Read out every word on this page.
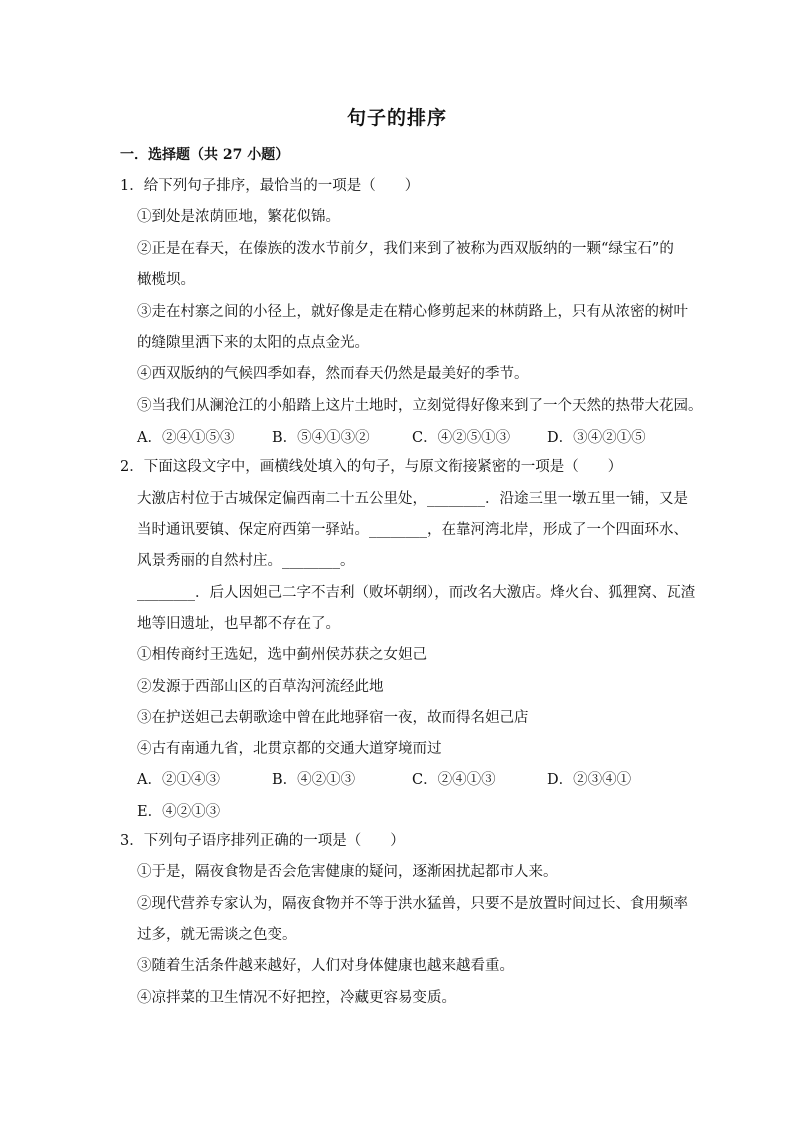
句子的排序
一．选择题（共 27 小题）
1．给下列句子排序，最恰当的一项是（　　）
①到处是浓荫匝地，繁花似锦。
②正是在春天，在傣族的泼水节前夕，我们来到了被称为西双版纳的一颗“绿宝石”的
橄榄坝。
③走在村寨之间的小径上，就好像是走在精心修剪起来的林荫路上，只有从浓密的树叶
的缝隙里洒下来的太阳的点点金光。
④西双版纳的气候四季如春，然而春天仍然是最美好的季节。
⑤当我们从澜沧江的小船踏上这片土地时，立刻觉得好像来到了一个天然的热带大花园。
A．②④①⑤③	B．⑤④①③②	C．④②⑤①③	D．③④②①⑤
2．下面这段文字中，画横线处填入的句子，与原文衔接紧密的一项是（　　）
大激店村位于古城保定偏西南二十五公里处，________．沿途三里一墩五里一铺，又是
当时通讯要镇、保定府西第一驿站。________，在靠河湾北岸，形成了一个四面环水、
风景秀丽的自然村庄。________。
________．后人因妲己二字不吉利（败坏朝纲），而改名大激店。烽火台、狐狸窝、瓦渣
地等旧遗址，也早都不存在了。
①相传商纣王选妃，选中蓟州侯苏获之女妲己
②发源于西部山区的百草沟河流经此地
③在护送妲己去朝歌途中曾在此地驿宿一夜，故而得名妲己店
④古有南通九省，北贯京都的交通大道穿境而过
A．②①④③	B．④②①③	C．②④①③	D．②③④①
E．④②①③
3．下列句子语序排列正确的一项是（　　）
①于是，隔夜食物是否会危害健康的疑问，逐渐困扰起都市人来。
②现代营养专家认为，隔夜食物并不等于洪水猛兽，只要不是放置时间过长、食用频率
过多，就无需谈之色变。
③随着生活条件越来越好，人们对身体健康也越来越看重。
④凉拌菜的卫生情况不好把控，冷藏更容易变质。
